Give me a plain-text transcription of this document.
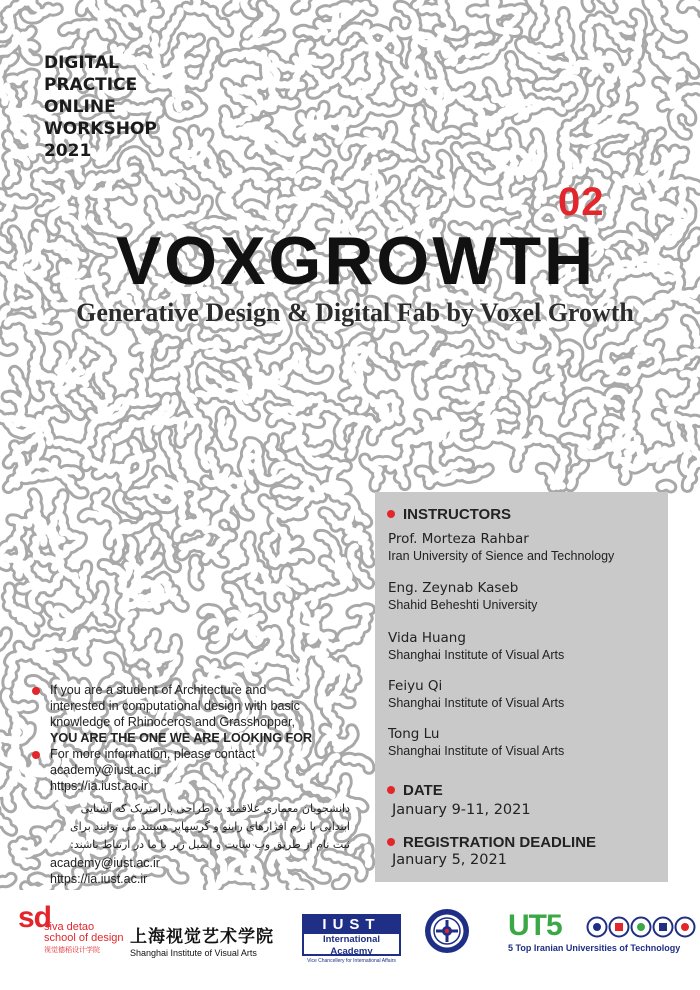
DIGITAL
PRACTICE
ONLINE
WORKSHOP
2021
02
VOXGROWTH
Generative Design & Digital Fab by Voxel Growth
INSTRUCTORS
Prof. Morteza Rahbar
Iran University of Sience and Technology
Eng. Zeynab Kaseb
Shahid Beheshti University
Vida Huang
Shanghai Institute of Visual Arts
Feiyu Qi
Shanghai Institute of Visual Arts
Tong Lu
Shanghai Institute of Visual Arts
DATE
January 9-11, 2021
REGISTRATION DEADLINE
January 5, 2021

If you are a student of Architecture and

interested in computational design with basic

knowledge of Rhinoceros and Grasshopper,

YOU ARE THE ONE WE ARE LOOKING FOR

For more information, please contact

academy@iust.ac.ir

https://ia.iust.ac.ir

دانشجویان معماری علاقمند به طراحی پارامتریک که آشنایی
ابتدایی با نرم افزارهای راینو و گرسهاپر هستند می توانند برای
ثبت نام از طریق وب سایت و ایمیل زیر با ما در ارتباط باشند:
academy@iust.ac.ir
https://ia.iust.ac.ir
sd
siva detao
school of design
视觉德稻设计学院
上海视觉艺术学院
Shanghai Institute of Visual Arts
IUST
International Academy
Vice Chancellery for International Affairs
UT5
5 Top Iranian Universities of Technology
